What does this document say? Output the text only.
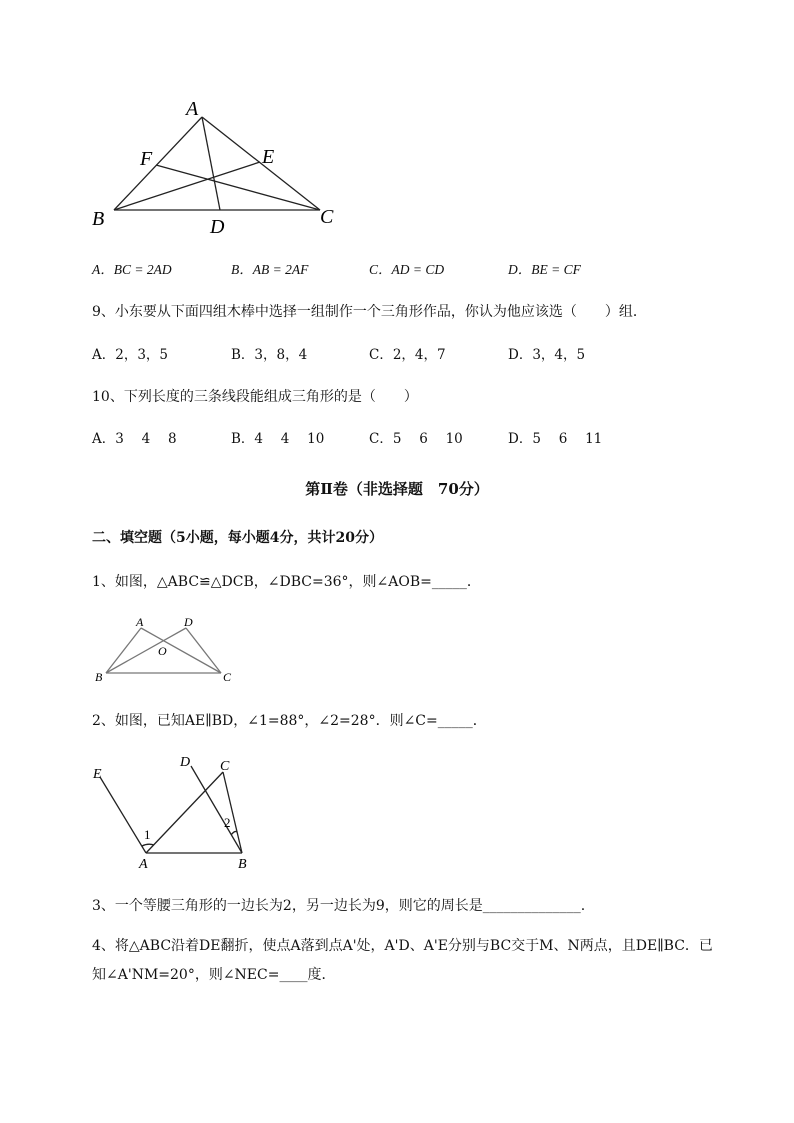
A
F	E
B	D	C
A．BC = 2AD	B．AB = 2AF	C．AD = CD	D．BE = CF
9、小东要从下面四组木棒中选择一组制作一个三角形作品，你认为他应该选（　　）组．
A．2，3，5	B．3，8，4	C．2，4，7	D．3，4，5
10、下列长度的三条线段能组成三角形的是（　　）
A．3　 4　 8	B．4　 4　 10	C．5　 6　 10	D．5　 6　 11
第Ⅱ卷（非选择题　70分）
二、填空题（5小题，每小题4分，共计20分）
1、如图，△ABC≌△DCB，∠DBC=36°，则∠AOB=_____．
A	D
O
B	C
2、如图，已知AE∥BD，∠1=88°，∠2=28°．则∠C=_____．
E
D C
A	B
1
2
3、一个等腰三角形的一边长为2，另一边长为9，则它的周长是______________.
4、将△ABC沿着DE翻折，使点A落到点A'处，A'D、A'E分别与BC交于M、N两点，且DE∥BC．已
知∠A'NM=20°，则∠NEC=____度．
